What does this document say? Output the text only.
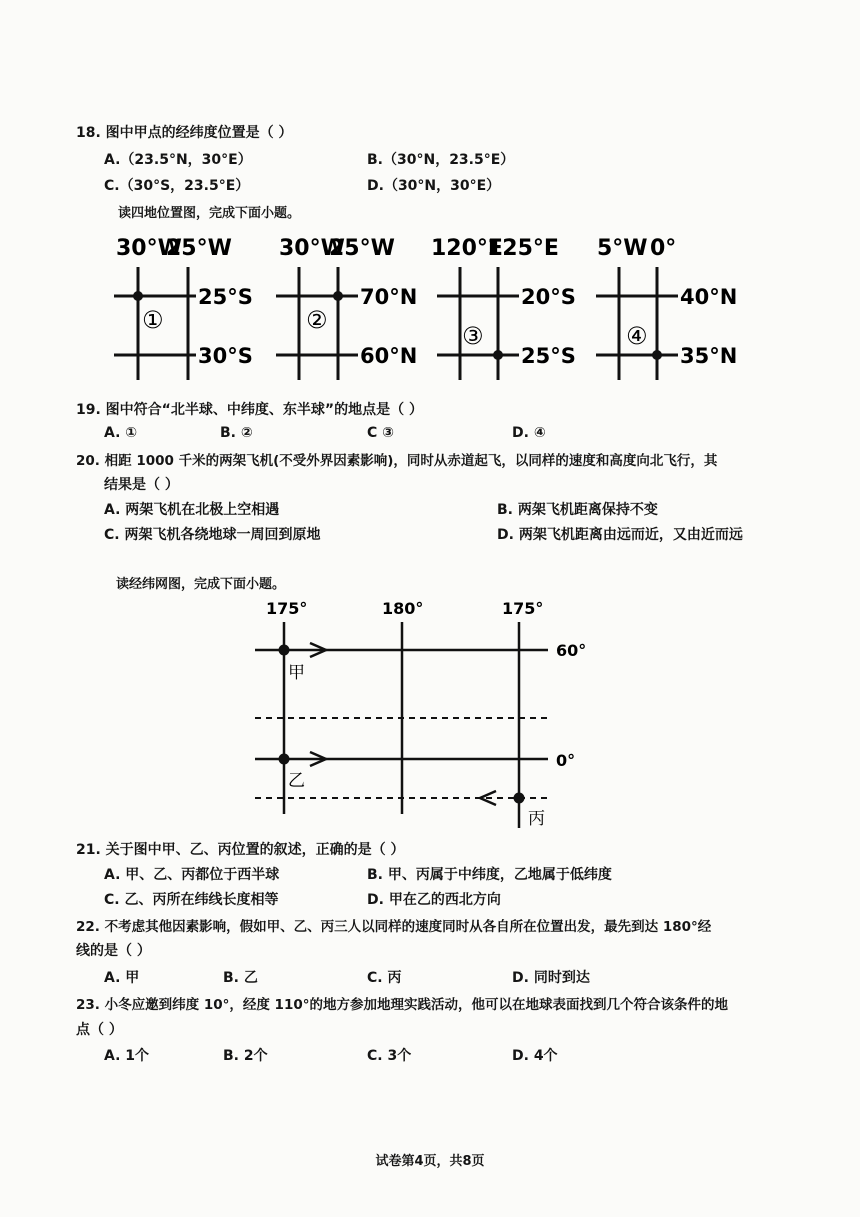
18. 图中甲点的经纬度位置是（ ）
A.（23.5°N，30°E）	B.（30°N，23.5°E）
C.（30°S，23.5°E）	D.（30°N，30°E）
读四地位置图，完成下面小题。
30°W
25°W
25°S
30°S
①
30°W
25°W
70°N
60°N
②
120°E
125°E
20°S
25°S
③
5°W 0°
40°N
35°N
④
19. 图中符合“北半球、中纬度、东半球”的地点是（ ）
A. ①	B. ②	C ③	D. ④
20. 相距 1000 千米的两架飞机(不受外界因素影响)，同时从赤道起飞，以同样的速度和高度向北飞行，其
结果是（ ）
A. 两架飞机在北极上空相遇	B. 两架飞机距离保持不变
C. 两架飞机各绕地球一周回到原地	D. 两架飞机距离由远而近，又由近而远
读经纬网图，完成下面小题。
175°	180°	175°
60°
0°
甲
乙
丙
21. 关于图中甲、乙、丙位置的叙述，正确的是（ ）
A. 甲、乙、丙都位于西半球	B. 甲、丙属于中纬度，乙地属于低纬度
C. 乙、丙所在纬线长度相等	D. 甲在乙的西北方向
22. 不考虑其他因素影响，假如甲、乙、丙三人以同样的速度同时从各自所在位置出发，最先到达 180°经
线的是（ ）
A. 甲	B. 乙	C. 丙	D. 同时到达
23. 小冬应邀到纬度 10°，经度 110°的地方参加地理实践活动，他可以在地球表面找到几个符合该条件的地
点（ ）
A. 1个	B. 2个	C. 3个	D. 4个
试卷第4页，共8页
